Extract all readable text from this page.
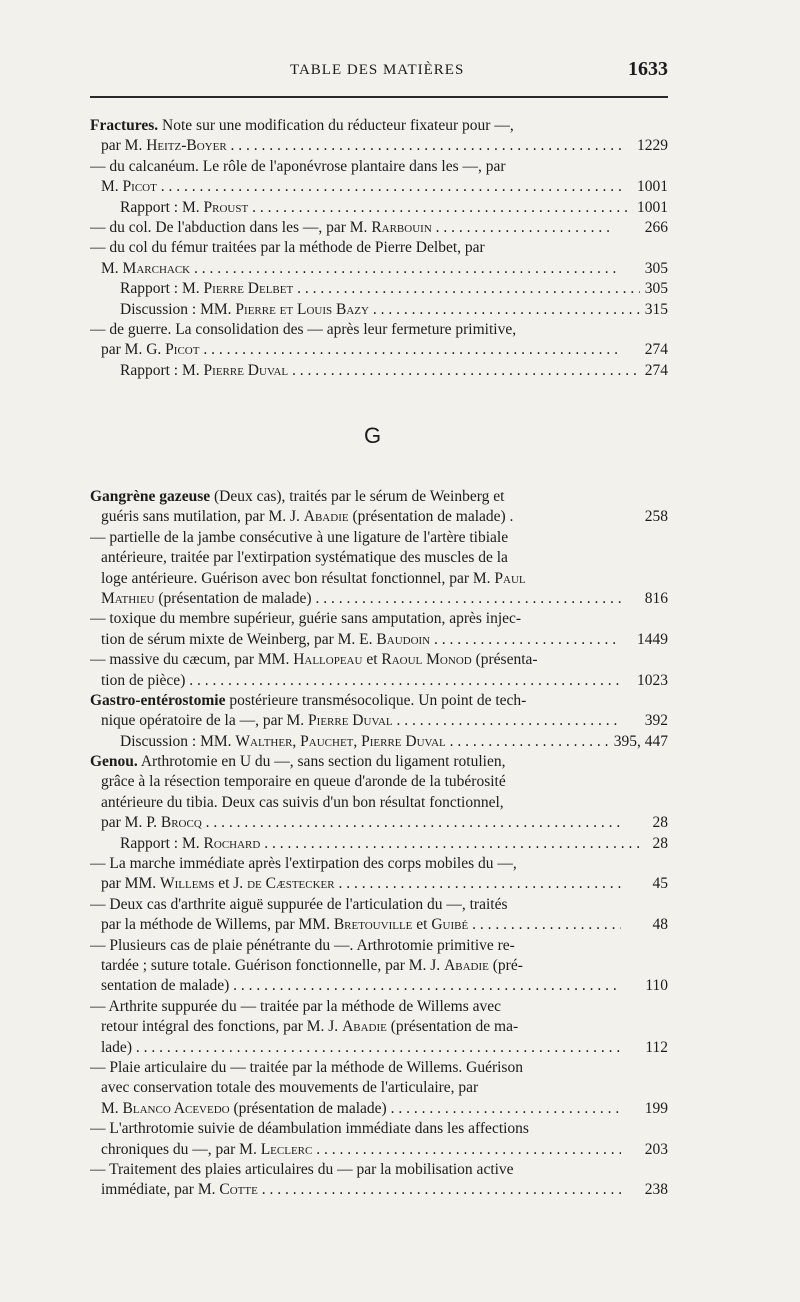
TABLE DES MATIÈRES	1633
Fractures. Note sur une modification du réducteur fixateur pour —,
par M. Heitz-Boyer . . .	1229
— du calcanéum. Le rôle de l'aponévrose plantaire dans les —, par
M. Picot . . .	1001
Rapport : M. Proust . . .	1001
— du col. De l'abduction dans les —, par M. Rarbouin . . .	266
— du col du fémur traitées par la méthode de Pierre Delbet, par
M. Marchack . . .	305
Rapport : M. Pierre Delbet . . .	305
Discussion : MM. Pierre et Louis Bazy . . .	315
— de guerre. La consolidation des — après leur fermeture primitive,
par M. G. Picot . . .	274
Rapport : M. Pierre Duval . . .	274
G
Gangrène gazeuse (Deux cas), traités par le sérum de Weinberg et
guéris sans mutilation, par M. J. Abadie (présentation de malade) .	258
— partielle de la jambe consécutive à une ligature de l'artère tibiale
antérieure, traitée par l'extirpation systématique des muscles de la
loge antérieure. Guérison avec bon résultat fonctionnel, par M. Paul
Mathieu (présentation de malade) . . .	816
— toxique du membre supérieur, guérie sans amputation, après injec-
tion de sérum mixte de Weinberg, par M. E. Baudoin . . .	1449
— massive du cæcum, par MM. Hallopeau et Raoul Monod (présenta-
tion de pièce) . . .	1023
Gastro-entérostomie postérieure transmésocolique. Un point de tech-
nique opératoire de la —, par M. Pierre Duval . . .	392
Discussion : MM. Walther, Pauchet, Pierre Duval . . .	395, 447
Genou. Arthrotomie en U du —, sans section du ligament rotulien,
grâce à la résection temporaire en queue d'aronde de la tubérosité
antérieure du tibia. Deux cas suivis d'un bon résultat fonctionnel,
par M. P. Brocq . . .	28
Rapport : M. Rochard . . .	28
— La marche immédiate après l'extirpation des corps mobiles du —,
par MM. Willems et J. de Cæstecker . . .	45
— Deux cas d'arthrite aiguë suppurée de l'articulation du —, traités
par la méthode de Willems, par MM. Bretouville et Guibé . . .	48
— Plusieurs cas de plaie pénétrante du —. Arthrotomie primitive re-
tardée ; suture totale. Guérison fonctionnelle, par M. J. Abadie (pré-
sentation de malade) . . .	110
— Arthrite suppurée du — traitée par la méthode de Willems avec
retour intégral des fonctions, par M. J. Abadie (présentation de ma-
lade) . . .	112
— Plaie articulaire du — traitée par la méthode de Willems. Guérison
avec conservation totale des mouvements de l'articulaire, par
M. Blanco Acevedo (présentation de malade) . . .	199
— L'arthrotomie suivie de déambulation immédiate dans les affections
chroniques du —, par M. Leclerc . . .	203
— Traitement des plaies articulaires du — par la mobilisation active
immédiate, par M. Cotte . . .	238
